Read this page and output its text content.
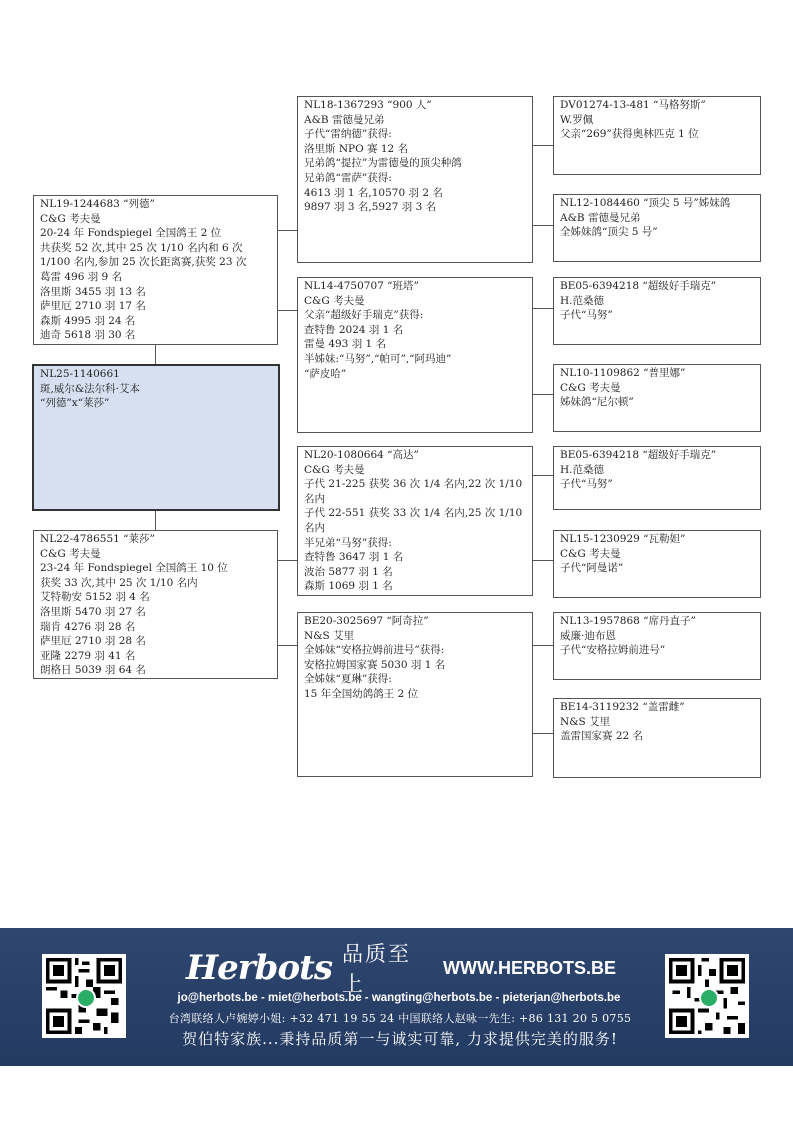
NL18-1367293 “900 人”
A&B 雷德曼兄弟
子代“雷纳德”获得:
洛里斯 NPO 赛 12 名
兄弟鸽“提拉”为雷德曼的顶尖种鸽
兄弟鸽“雷萨”获得:
4613 羽 1 名,10570 羽 2 名
9897 羽 3 名,5927 羽 3 名
DV01274-13-481 “马格努斯”
W.罗佩
父亲“269”获得奥林匹克 1 位
NL12-1084460 “顶尖 5 号”姊妹鸽
A&B 雷德曼兄弟
全姊妹鸽“顶尖 5 号”
NL19-1244683 “列德”
C&G 考夫曼
20-24 年 Fondspiegel 全国鸽王 2 位
共获奖 52 次,其中 25 次 1/10 名内和 6 次 1/100 名内,参加 25 次长距离赛,获奖 23 次
葛雷 496 羽 9 名
洛里斯 3455 羽 13 名
萨里厄 2710 羽 17 名
森斯 4995 羽 24 名
迪奇 5618 羽 30 名
NL14-4750707 “班塔”
C&G 考夫曼
父亲“超级好手瑞克”获得:
查特鲁 2024 羽 1 名
雷曼 493 羽 1 名
半姊妹:“马努”,“帕可”,“阿玛迪”
“萨皮哈”
BE05-6394218 “超级好手瑞克”
H.范桑德
子代“马努”
NL10-1109862 “普里娜”
C&G 考夫曼
姊妹鸽“尼尔顿”
NL25-1140661
斑,威尔&法尔科·艾本
“列德”x“莱莎”
NL20-1080664 “高达”
C&G 考夫曼
子代 21-225 获奖 36 次 1/4 名内,22 次 1/10 名内
子代 22-551 获奖 33 次 1/4 名内,25 次 1/10 名内
半兄弟“马努”获得:
查特鲁 3647 羽 1 名
波治 5877 羽 1 名
森斯 1069 羽 1 名
BE05-6394218 “超级好手瑞克”
H.范桑德
子代“马努”
NL15-1230929 “瓦勒妲”
C&G 考夫曼
子代“阿曼诺”
NL22-4786551 “莱莎”
C&G 考夫曼
23-24 年 Fondspiegel 全国鸽王 10 位
获奖 33 次,其中 25 次 1/10 名内
艾特勒安 5152 羽 4 名
洛里斯 5470 羽 27 名
瑞肯 4276 羽 28 名
萨里厄 2710 羽 28 名
亚隆 2279 羽 41 名
朗格日 5039 羽 64 名
BE20-3025697 “阿奇拉”
N&S 艾里
全姊妹“安格拉姆前进号”获得:
安格拉姆国家赛 5030 羽 1 名
全姊妹“夏琳”获得:
15 年全国幼鸽鸽王 2 位
NL13-1957868 “席丹直子”
威廉·迪布恩
子代“安格拉姆前进号”
BE14-3119232 “盖雷雌”
N&S 艾里
盖雷国家赛 22 名
Herbots 品质至上
WWW.HERBOTS.BE
jo@herbots.be - miet@herbots.be - wangting@herbots.be - pieterjan@herbots.be
台湾联络人卢婉婷小姐: +32 471 19 55 24 中国联络人赵咏一先生: +86 131 20 5 0755
贺伯特家族...秉持品质第一与诚实可靠, 力求提供完美的服务!
